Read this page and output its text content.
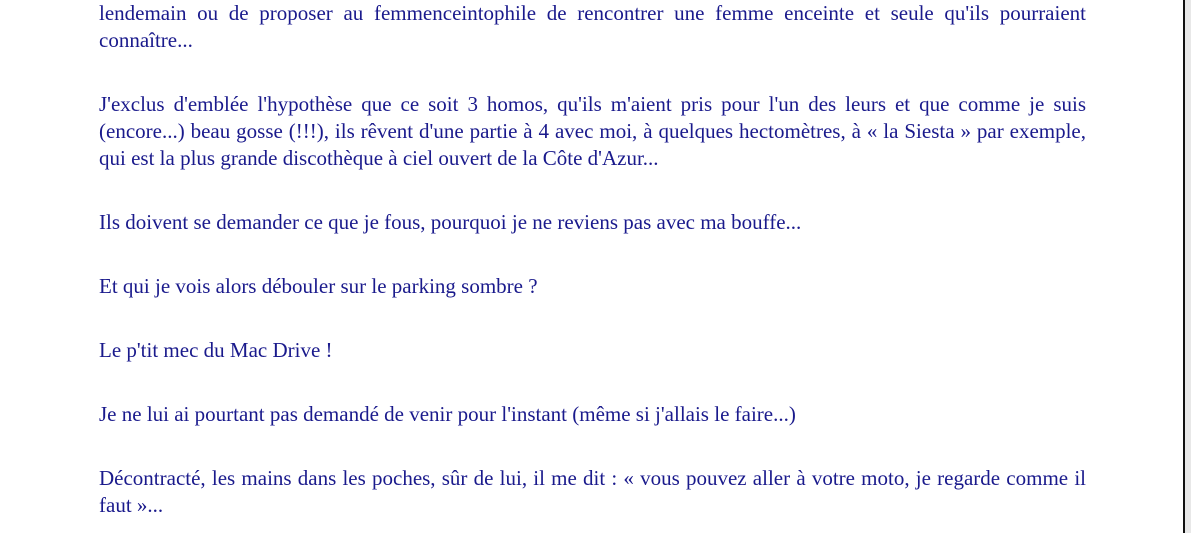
lendemain ou de proposer au femmenceintophile de rencontrer une femme enceinte et seule qu'ils pourraient connaître...

J'exclus d'emblée l'hypothèse que ce soit 3 homos, qu'ils m'aient pris pour l'un des leurs et que comme je suis (encore...) beau gosse (!!!), ils rêvent d'une partie à 4 avec moi, à quelques hectomètres, à « la Siesta » par exemple, qui est la plus grande discothèque à ciel ouvert de la Côte d'Azur...

Ils doivent se demander ce que je fous, pourquoi je ne reviens pas avec ma bouffe...

Et qui je vois alors débouler sur le parking sombre ?

Le p'tit mec du Mac Drive !

Je ne lui ai pourtant pas demandé de venir pour l'instant (même si j'allais le faire...)

Décontracté, les mains dans les poches, sûr de lui, il me dit : « vous pouvez aller à votre moto, je regarde comme il faut »...
